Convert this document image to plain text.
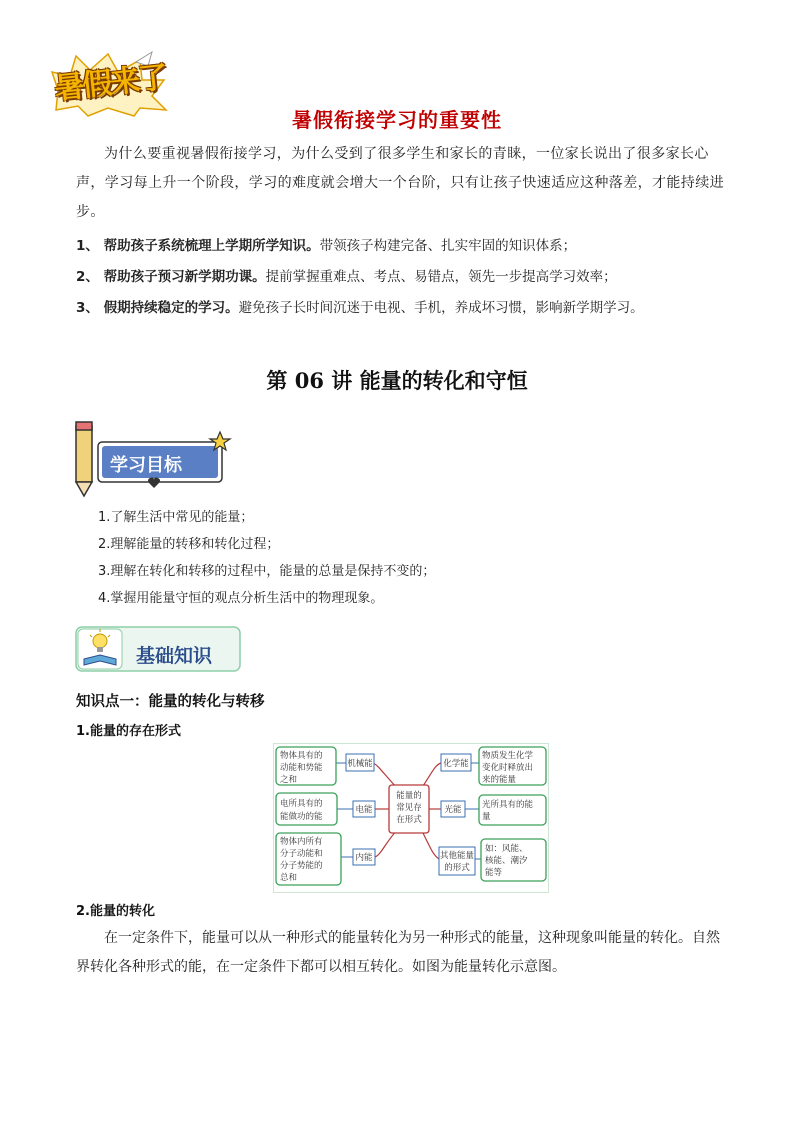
暑假来了
暑假衔接学习的重要性

为什么要重视暑假衔接学习，为什么受到了很多学生和家长的青睐，一位家长说出了很多家长心声，学习每上升一个阶段，学习的难度就会增大一个台阶，只有让孩子快速适应这种落差，才能持续进步。

1、 帮助孩子系统梳理上学期所学知识。带领孩子构建完备、扎实牢固的知识体系；
2、 帮助孩子预习新学期功课。提前掌握重难点、考点、易错点，领先一步提高学习效率；
3、 假期持续稳定的学习。避免孩子长时间沉迷于电视、手机，养成坏习惯，影响新学期学习。
第 06 讲 能量的转化和守恒
学习目标
1.了解生活中常见的能量；
2.理解能量的转移和转化过程；
3.理解在转化和转移的过程中，能量的总量是保持不变的；
4.掌握用能量守恒的观点分析生活中的物理现象。
基础知识
知识点一：能量的转化与转移
1.能量的存在形式
能量的
常见存
在形式
机械能
电能
内能
化学能
光能
其他能量
的形式
物体具有的
动能和势能
之和
电所具有的
能做功的能
物体内所有
分子动能和
分子势能的
总和
物质发生化学
变化时释放出
来的能量
光所具有的能
量
如：风能、
核能、潮汐
能等
2.能量的转化

在一定条件下，能量可以从一种形式的能量转化为另一种形式的能量，这种现象叫能量的转化。自然界转化各种形式的能，在一定条件下都可以相互转化。如图为能量转化示意图。
